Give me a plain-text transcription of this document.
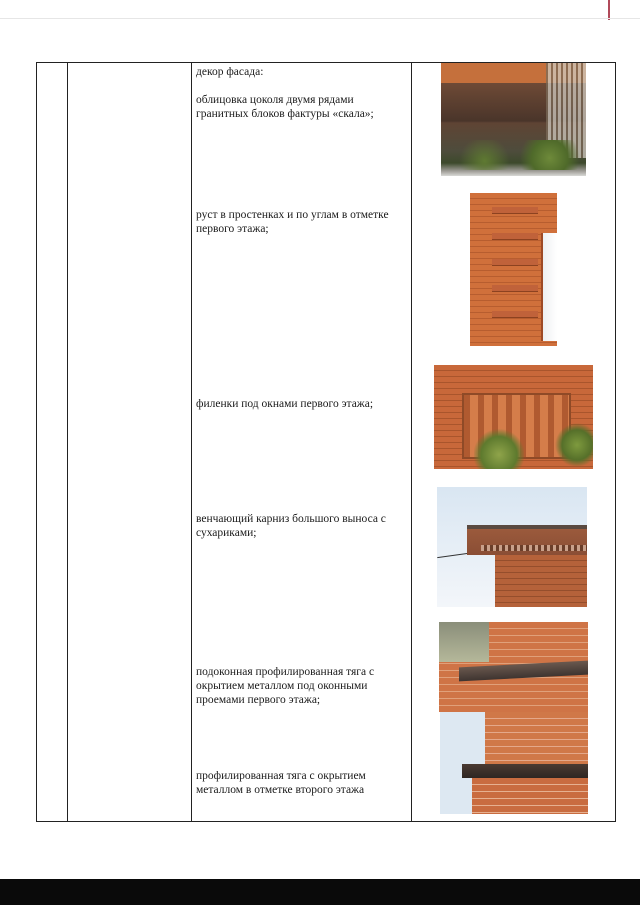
декор фасада:

облицовка цоколя двумя рядами гранитных блоков фактуры «скала»;

руст в простенках и по углам в отметке первого этажа;

филенки под окнами первого этажа;

венчающий карниз большого выноса с сухариками;

подоконная профилированная тяга с окрытием металлом под оконными проемами первого этажа;

профилированная тяга с окрытием металлом в отметке второго этажа
